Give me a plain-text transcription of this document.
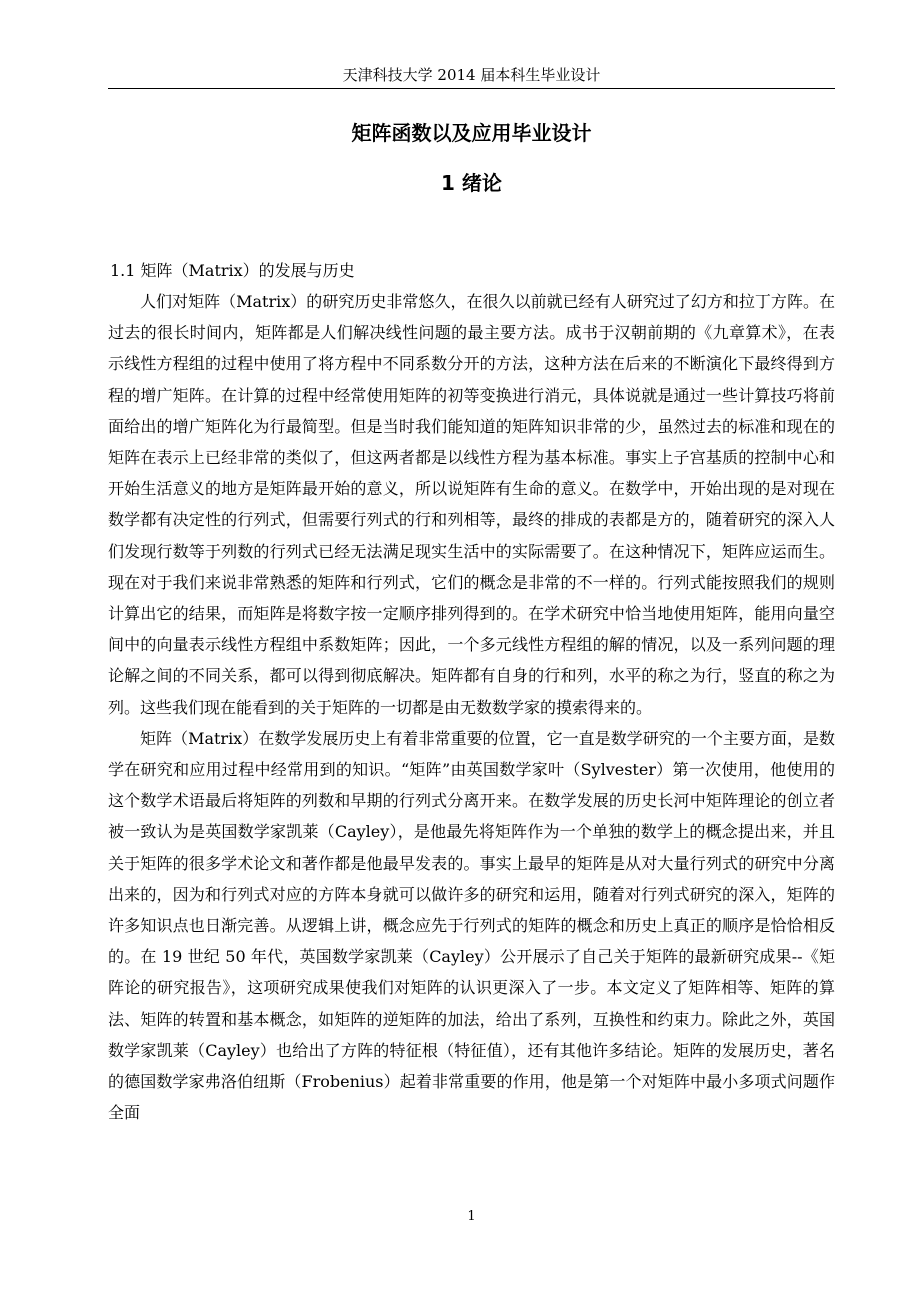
天津科技大学 2014 届本科生毕业设计
矩阵函数以及应用毕业设计
1 绪论
1.1 矩阵（Matrix）的发展与历史

人们对矩阵（Matrix）的研究历史非常悠久，在很久以前就已经有人研究过了幻方和拉丁方阵。在过去的很长时间内，矩阵都是人们解决线性问题的最主要方法。成书于汉朝前期的《九章算术》，在表示线性方程组的过程中使用了将方程中不同系数分开的方法，这种方法在后来的不断演化下最终得到方程的增广矩阵。在计算的过程中经常使用矩阵的初等变换进行消元，具体说就是通过一些计算技巧将前面给出的增广矩阵化为行最简型。但是当时我们能知道的矩阵知识非常的少，虽然过去的标准和现在的矩阵在表示上已经非常的类似了，但这两者都是以线性方程为基本标准。事实上子宫基质的控制中心和开始生活意义的地方是矩阵最开始的意义，所以说矩阵有生命的意义。在数学中，开始出现的是对现在数学都有决定性的行列式，但需要行列式的行和列相等，最终的排成的表都是方的，随着研究的深入人们发现行数等于列数的行列式已经无法满足现实生活中的实际需要了。在这种情况下，矩阵应运而生。现在对于我们来说非常熟悉的矩阵和行列式，它们的概念是非常的不一样的。行列式能按照我们的规则计算出它的结果，而矩阵是将数字按一定顺序排列得到的。在学术研究中恰当地使用矩阵，能用向量空间中的向量表示线性方程组中系数矩阵；因此，一个多元线性方程组的解的情况，以及一系列问题的理论解之间的不同关系，都可以得到彻底解决。矩阵都有自身的行和列，水平的称之为行，竖直的称之为列。这些我们现在能看到的关于矩阵的一切都是由无数数学家的摸索得来的。

矩阵（Matrix）在数学发展历史上有着非常重要的位置，它一直是数学研究的一个主要方面，是数学在研究和应用过程中经常用到的知识。“矩阵”由英国数学家叶（Sylvester）第一次使用，他使用的这个数学术语最后将矩阵的列数和早期的行列式分离开来。在数学发展的历史长河中矩阵理论的创立者被一致认为是英国数学家凯莱（Cayley），是他最先将矩阵作为一个单独的数学上的概念提出来，并且关于矩阵的很多学术论文和著作都是他最早发表的。事实上最早的矩阵是从对大量行列式的研究中分离出来的，因为和行列式对应的方阵本身就可以做许多的研究和运用，随着对行列式研究的深入，矩阵的许多知识点也日渐完善。从逻辑上讲，概念应先于行列式的矩阵的概念和历史上真正的顺序是恰恰相反的。在 19 世纪 50 年代，英国数学家凯莱（Cayley）公开展示了自己关于矩阵的最新研究成果--《矩阵论的研究报告》，这项研究成果使我们对矩阵的认识更深入了一步。本文定义了矩阵相等、矩阵的算法、矩阵的转置和基本概念，如矩阵的逆矩阵的加法，给出了系列，互换性和约束力。除此之外，英国数学家凯莱（Cayley）也给出了方阵的特征根（特征值），还有其他许多结论。矩阵的发展历史，著名的德国数学家弗洛伯纽斯（Frobenius）起着非常重要的作用，他是第一个对矩阵中最小多项式问题作全面

1
